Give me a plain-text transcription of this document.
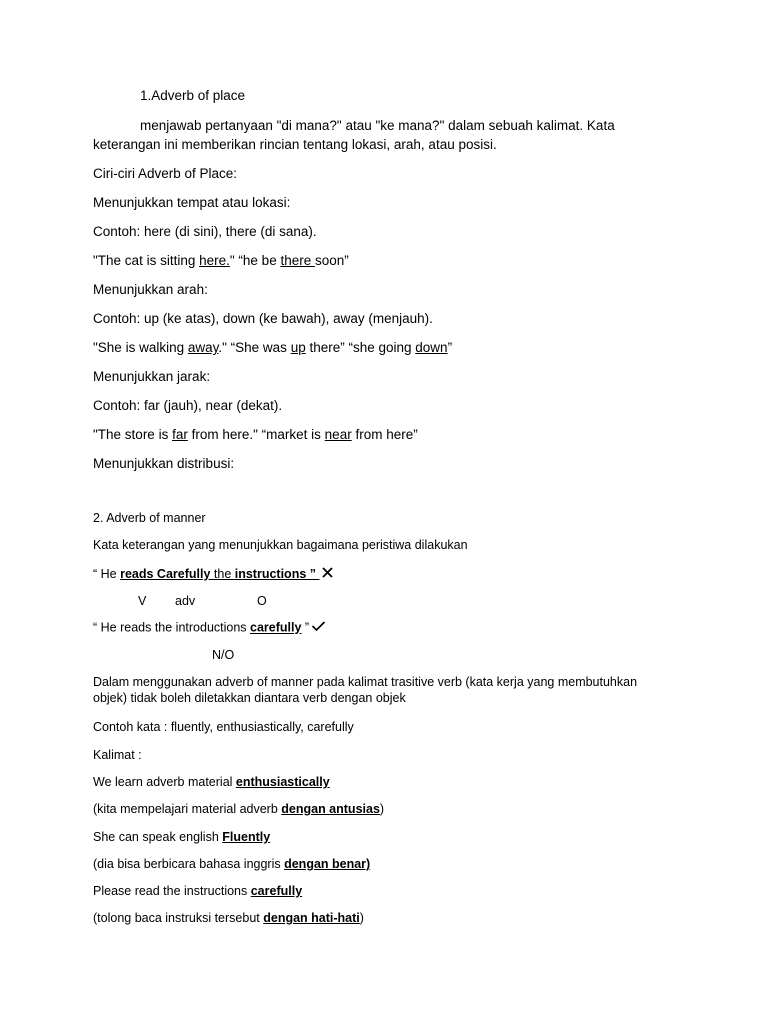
1.Adverb of place
menjawab pertanyaan "di mana?" atau "ke mana?" dalam sebuah kalimat. Kata
keterangan ini memberikan rincian tentang lokasi, arah, atau posisi.
Ciri-ciri Adverb of Place:
Menunjukkan tempat atau lokasi:
Contoh: here (di sini), there (di sana).
"The cat is sitting here." “he be there soon”
Menunjukkan arah:
Contoh: up (ke atas), down (ke bawah), away (menjauh).
"She is walking away." “She was up there” “she going down”
Menunjukkan jarak:
Contoh: far (jauh), near (dekat).
"The store is far from here." “market is near from here”
Menunjukkan distribusi:
2. Adverb of manner
Kata keterangan yang menunjukkan bagaimana peristiwa dilakukan
“ He reads Carefully the instructions ”
V adv	O
“ He reads the introductions carefully ”
N/O
Dalam menggunakan adverb of manner pada kalimat trasitive verb (kata kerja yang membutuhkan objek) tidak boleh diletakkan diantara verb dengan objek
Contoh kata : fluently, enthusiastically, carefully
Kalimat :
We learn adverb material enthusiastically
(kita mempelajari material adverb dengan antusias)
She can speak english Fluently
(dia bisa berbicara bahasa inggris dengan benar)
Please read the instructions carefully
(tolong baca instruksi tersebut dengan hati-hati)
